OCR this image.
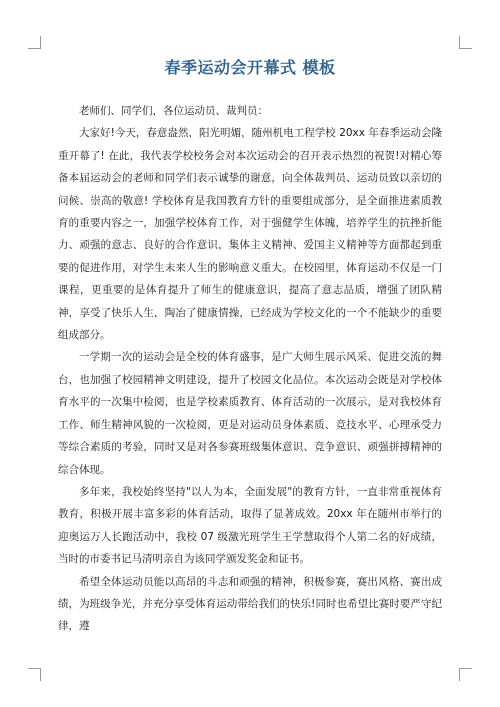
春季运动会开幕式 模板

老师们、同学们，各位运动员、裁判员：

大家好!今天，春意盎然，阳光明媚，随州机电工程学校 20xx 年春季运动会隆重开幕了! 在此，我代表学校校务会对本次运动会的召开表示热烈的祝贺!对精心筹备本届运动会的老师和同学们表示诚挚的谢意，向全体裁判员、运动员致以亲切的问候、崇高的敬意! 学校体育是我国教育方针的重要组成部分，是全面推进素质教育的重要内容之一，加强学校体育工作，对于强健学生体魄，培养学生的抗挫折能力、顽强的意志、良好的合作意识，集体主义精神、爱国主义精神等方面都起到重要的促进作用，对学生未来人生的影响意义重大。在校园里，体育运动不仅是一门课程，更重要的是体育提升了师生的健康意识，提高了意志品质，增强了团队精神，享受了快乐人生，陶冶了健康情操，已经成为学校文化的一个不能缺少的重要组成部分。

一学期一次的运动会是全校的体育盛事，是广大师生展示风采、促进交流的舞台，也加强了校园精神文明建设，提升了校园文化品位。本次运动会既是对学校体育水平的一次集中检阅，也是学校素质教育、体育活动的一次展示，是对我校体育工作、师生精神风貌的一次检阅，更是对运动员身体素质、竞技水平、心理承受力等综合素质的考验，同时又是对各参赛班级集体意识、竞争意识、顽强拼搏精神的综合体现。

多年来，我校始终坚持"以人为本，全面发展"的教育方针，一直非常重视体育教育，积极开展丰富多彩的体育活动，取得了显著成效。20xx 年在随州市举行的迎奥运万人长跑活动中，我校 07 级激光班学生王学慧取得个人第二名的好成绩，当时的市委书记马清明亲自为该同学颁发奖金和证书。

希望全体运动员能以高昂的斗志和顽强的精神，积极参赛，赛出风格、赛出成绩，为班级争光，并充分享受体育运动带给我们的快乐!同时也希望比赛时要严守纪律，遵
